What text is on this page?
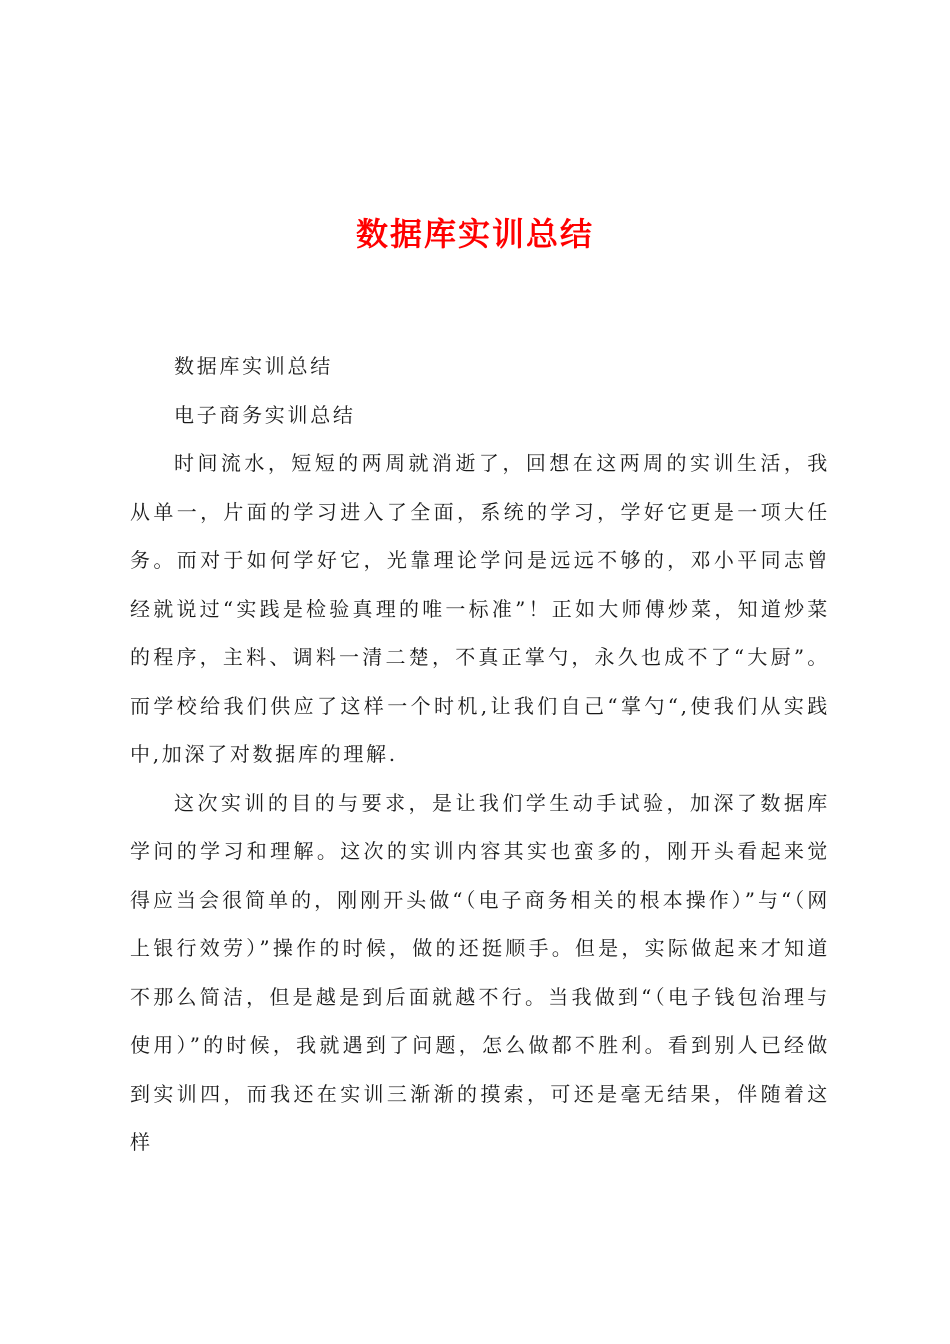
数据库实训总结

数据库实训总结

电子商务实训总结

时间流水，短短的两周就消逝了，回想在这两周的实训生活，我从单一，片面的学习进入了全面，系统的学习，学好它更是一项大任务。而对于如何学好它，光靠理论学问是远远不够的，邓小平同志曾经就说过“实践是检验真理的唯一标准”！正如大师傅炒菜，知道炒菜的程序，主料、调料一清二楚，不真正掌勺，永久也成不了“大厨”。而学校给我们供应了这样一个时机,让我们自己“掌勺“,使我们从实践中,加深了对数据库的理解.

这次实训的目的与要求，是让我们学生动手试验，加深了数据库学问的学习和理解。这次的实训内容其实也蛮多的，刚开头看起来觉得应当会很简单的，刚刚开头做“（电子商务相关的根本操作）”与“（网上银行效劳）”操作的时候，做的还挺顺手。但是，实际做起来才知道不那么简洁，但是越是到后面就越不行。当我做到“（电子钱包治理与使用）”的时候，我就遇到了问题，怎么做都不胜利。看到别人已经做到实训四，而我还在实训三渐渐的摸索，可还是毫无结果，伴随着这样
